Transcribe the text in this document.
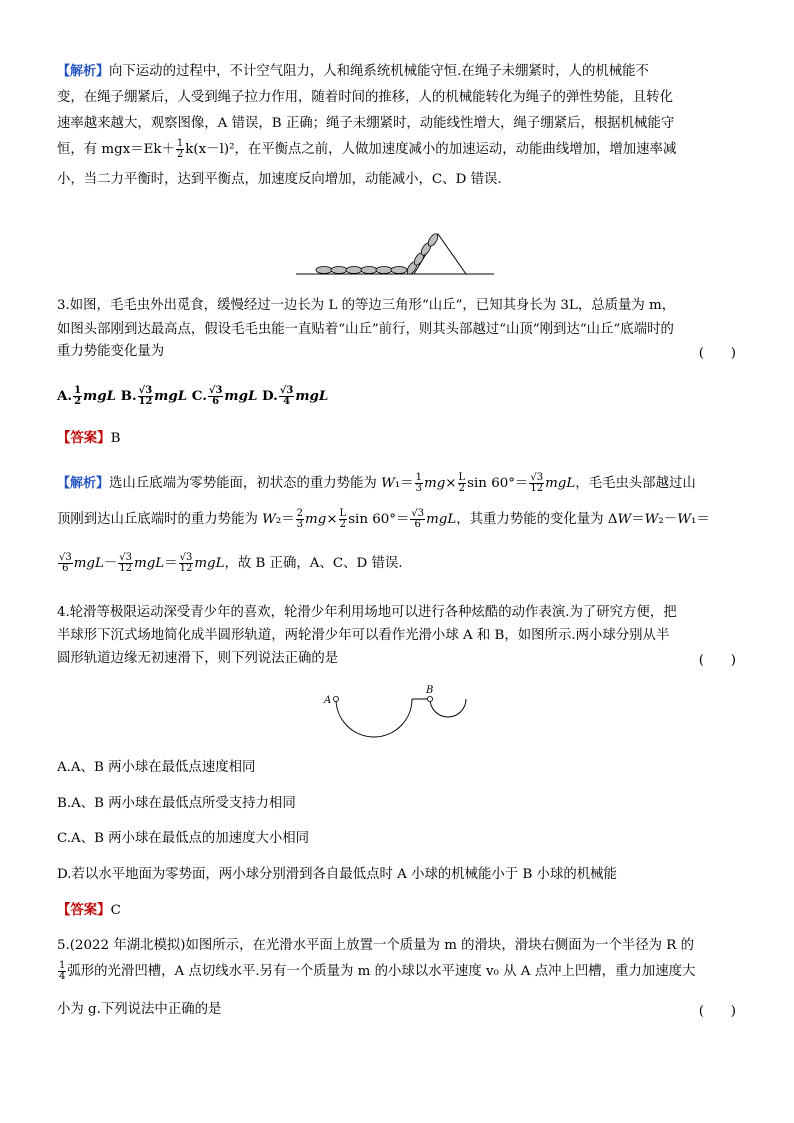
【解析】向下运动的过程中，不计空气阻力，人和绳系统机械能守恒.在绳子未绷紧时，人的机械能不
变，在绳子绷紧后，人受到绳子拉力作用，随着时间的推移，人的机械能转化为绳子的弹性势能，且转化
速率越来越大，观察图像，A 错误，B 正确；绳子未绷紧时，动能线性增大，绳子绷紧后，根据机械能守
恒，有 $mgx=Ek+ \frac{1}{2} k(x-l)^2$，在平衡点之前，人做加速度减小的加速运动，动能曲线增加，增加速率减
小，当二力平衡时，达到平衡点，加速度反向增加，动能减小，C、D 错误.
3.如图，毛毛虫外出觅食，缓慢经过一边长为 L 的等边三角形“山丘”，已知其身长为 3L，总质量为 m，
如图头部刚到达最高点，假设毛毛虫能一直贴着“山丘”前行，则其头部越过“山顶”刚到达“山丘”底端时的
重力势能变化量为	(　　)
A. $\frac{1}{2}$ mgL B. $\frac{√3}{12}$ mgL C. $\frac{√3}{6}$ mgL D. $\frac{√3}{4}$ mgL
【答案】B
【解析】选山丘底端为零势能面，初状态的重力势能为 $W_1= \frac{1}{3} mg\times \frac{L}{2}$ $\sin 60^\circ= \frac{√3}{12}$ mgL，毛毛虫头部越过山
顶刚到达山丘底端时的重力势能为 $W_2= \frac{2}{3} mg\times \frac{L}{2}$ $\sin 60^\circ= \frac{√3}{6}$ mgL，其重力势能的变化量为 ΔW＝W₂－W₁＝
$\frac{√3}{6} mgL- \frac{√3}{12} mgL= \frac{√3}{12}$ mgL，故 B 正确，A、C、D 错误.
4.轮滑等极限运动深受青少年的喜欢，轮滑少年利用场地可以进行各种炫酷的动作表演.为了研究方便，把
半球形下沉式场地简化成半圆形轨道，两轮滑少年可以看作光滑小球 A 和 B，如图所示.两小球分别从半
圆形轨道边缘无初速滑下，则下列说法正确的是	(　　)
A
B
A.A、B 两小球在最低点速度相同
B.A、B 两小球在最低点所受支持力相同
C.A、B 两小球在最低点的加速度大小相同
D.若以水平地面为零势面，两小球分别滑到各自最低点时 A 小球的机械能小于 B 小球的机械能
【答案】C
5.(2022 年湖北模拟)如图所示，在光滑水平面上放置一个质量为 m 的滑块，滑块右侧面为一个半径为 R 的
$\frac{1}{4}$ 弧形的光滑凹槽，A 点切线水平.另有一个质量为 m 的小球以水平速度 v₀ 从 A 点冲上凹槽，重力加速度大
小为 g.下列说法中正确的是	(　　)
